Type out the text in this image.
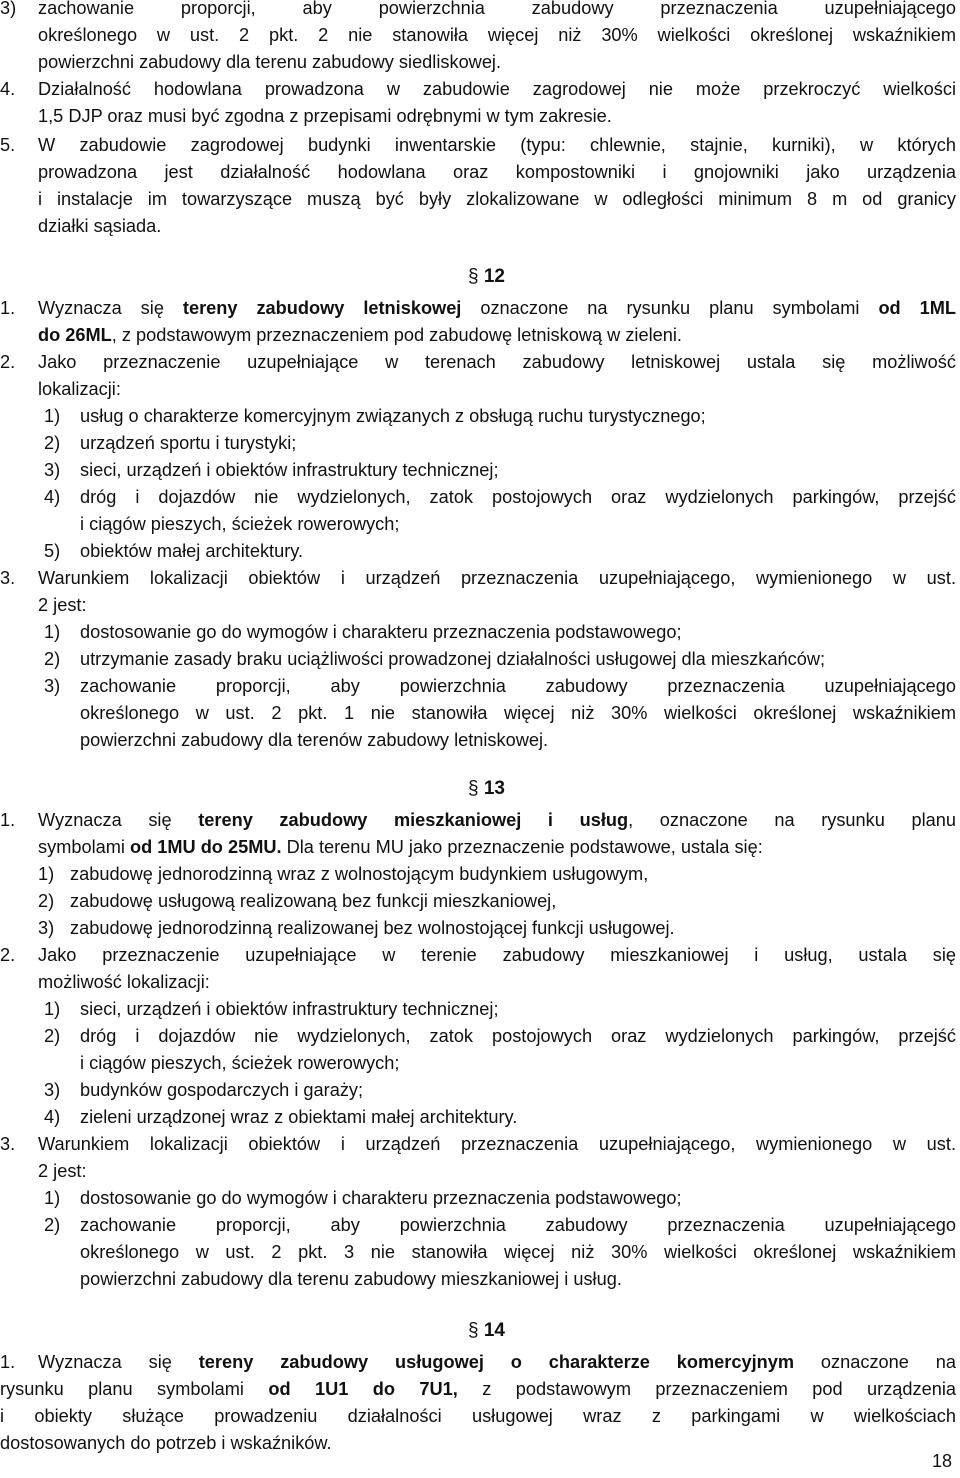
3) zachowanie proporcji, aby powierzchnia zabudowy przeznaczenia uzupełniającego
określonego w ust. 2 pkt. 2 nie stanowiła więcej niż 30% wielkości określonej wskaźnikiem
powierzchni zabudowy dla terenu zabudowy siedliskowej.
4. Działalność hodowlana prowadzona w zabudowie zagrodowej nie może przekroczyć wielkości
1,5 DJP oraz musi być zgodna z przepisami odrębnymi w tym zakresie.
5. W zabudowie zagrodowej budynki inwentarskie (typu: chlewnie, stajnie, kurniki), w których
prowadzona jest działalność hodowlana oraz kompostowniki i gnojowniki jako urządzenia
i instalacje im towarzyszące muszą być były zlokalizowane w odległości minimum 8 m od granicy
działki sąsiada.
§ 12
1. Wyznacza się tereny zabudowy letniskowej oznaczone na rysunku planu symbolami od 1ML
do 26ML, z podstawowym przeznaczeniem pod zabudowę letniskową w zieleni.
2. Jako przeznaczenie uzupełniające w terenach zabudowy letniskowej ustala się możliwość
lokalizacji:
1) usług o charakterze komercyjnym związanych z obsługą ruchu turystycznego;
2) urządzeń sportu i turystyki;
3) sieci, urządzeń i obiektów infrastruktury technicznej;
4) dróg i dojazdów nie wydzielonych, zatok postojowych oraz wydzielonych parkingów, przejść
i ciągów pieszych, ścieżek rowerowych;
5) obiektów małej architektury.
3. Warunkiem lokalizacji obiektów i urządzeń przeznaczenia uzupełniającego, wymienionego w ust.
2 jest:
1) dostosowanie go do wymogów i charakteru przeznaczenia podstawowego;
2) utrzymanie zasady braku uciążliwości prowadzonej działalności usługowej dla mieszkańców;
3) zachowanie proporcji, aby powierzchnia zabudowy przeznaczenia uzupełniającego
określonego w ust. 2 pkt. 1 nie stanowiła więcej niż 30% wielkości określonej wskaźnikiem
powierzchni zabudowy dla terenów zabudowy letniskowej.
§ 13
1. Wyznacza się tereny zabudowy mieszkaniowej i usług, oznaczone na rysunku planu
symbolami od 1MU do 25MU. Dla terenu MU jako przeznaczenie podstawowe, ustala się:
1) zabudowę jednorodzinną wraz z wolnostojącym budynkiem usługowym,
2) zabudowę usługową realizowaną bez funkcji mieszkaniowej,
3) zabudowę jednorodzinną realizowanej bez wolnostojącej funkcji usługowej.
2. Jako przeznaczenie uzupełniające w terenie zabudowy mieszkaniowej i usług, ustala się
możliwość lokalizacji:
1) sieci, urządzeń i obiektów infrastruktury technicznej;
2) dróg i dojazdów nie wydzielonych, zatok postojowych oraz wydzielonych parkingów, przejść
i ciągów pieszych, ścieżek rowerowych;
3) budynków gospodarczych i garaży;
4) zieleni urządzonej wraz z obiektami małej architektury.
3. Warunkiem lokalizacji obiektów i urządzeń przeznaczenia uzupełniającego, wymienionego w ust.
2 jest:
1) dostosowanie go do wymogów i charakteru przeznaczenia podstawowego;
2) zachowanie proporcji, aby powierzchnia zabudowy przeznaczenia uzupełniającego
określonego w ust. 2 pkt. 3 nie stanowiła więcej niż 30% wielkości określonej wskaźnikiem
powierzchni zabudowy dla terenu zabudowy mieszkaniowej i usług.
§ 14
1. Wyznacza się tereny zabudowy usługowej o charakterze komercyjnym oznaczone na
rysunku planu symbolami od 1U1 do 7U1, z podstawowym przeznaczeniem pod urządzenia
i obiekty służące prowadzeniu działalności usługowej wraz z parkingami w wielkościach
dostosowanych do potrzeb i wskaźników.
18
